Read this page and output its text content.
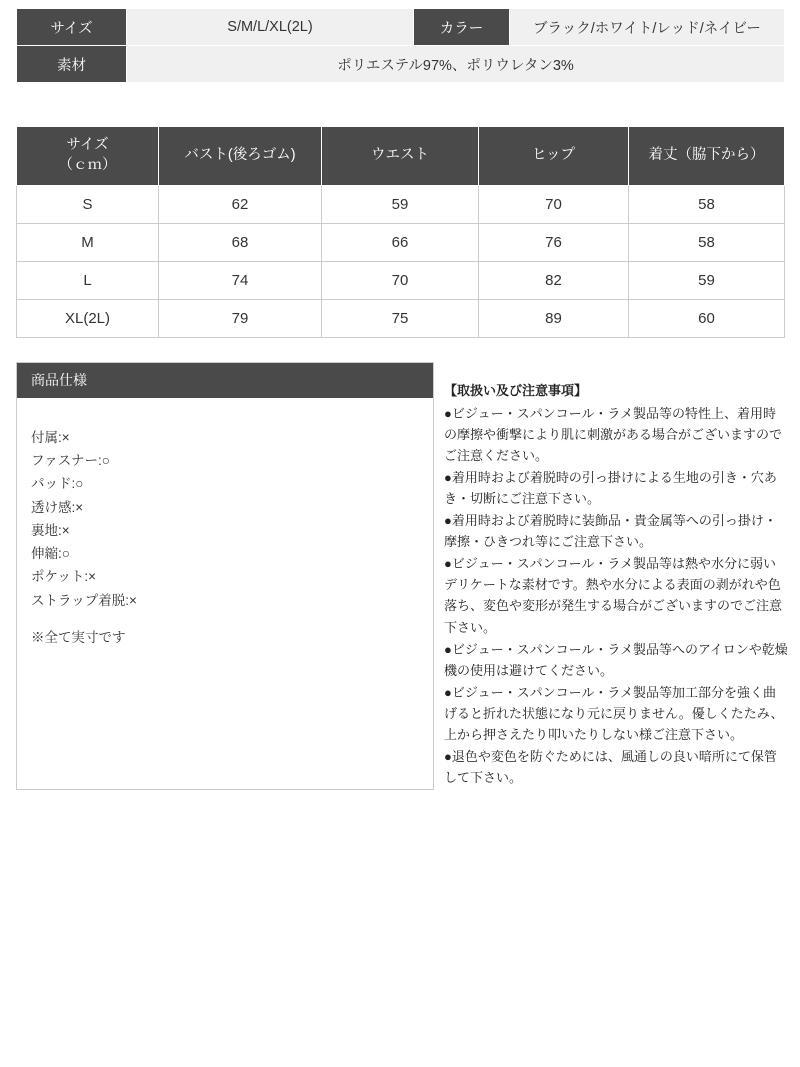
サイズ	S/M/L/XL(2L)	カラー	ブラック/ホワイト/レッド/ネイビー
素材	ポリエステル97%、ポリウレタン3%		
サイズ
（ｃｍ）	バスト(後ろゴム)	ウエスト	ヒップ	着丈（脇下から）
S	62	59	70	58
M	68	66	76	58
L	74	70	82	59
XL(2L)	79	75	89	60
商品仕様
付属:×
ファスナー:○
パッド:○
透け感:×
裏地:×
伸縮:○
ポケット:×
ストラップ着脱:×
※全て実寸です
【取扱い及び注意事項】

●ビジュー・スパンコール・ラメ製品等の特性上、着用時の摩擦や衝撃により肌に刺激がある場合がございますのでご注意ください。

●着用時および着脱時の引っ掛けによる生地の引き・穴あき・切断にご注意下さい。

●着用時および着脱時に装飾品・貴金属等への引っ掛け・摩擦・ひきつれ等にご注意下さい。

●ビジュー・スパンコール・ラメ製品等は熱や水分に弱いデリケートな素材です。熱や水分による表面の剥がれや色落ち、変色や変形が発生する場合がございますのでご注意下さい。

●ビジュー・スパンコール・ラメ製品等へのアイロンや乾燥機の使用は避けてください。

●ビジュー・スパンコール・ラメ製品等加工部分を強く曲げると折れた状態になり元に戻りません。優しくたたみ、上から押さえたり叩いたりしない様ご注意下さい。

●退色や変色を防ぐためには、風通しの良い暗所にて保管して下さい。
